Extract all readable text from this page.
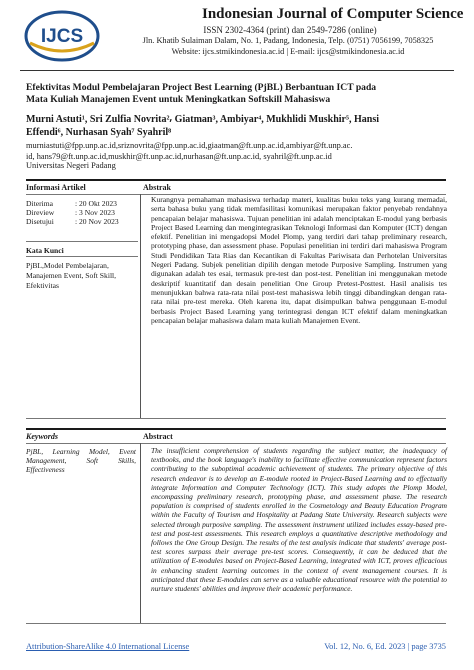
IJCS
Indonesian Journal of Computer Science
ISSN 2302-4364 (print) dan 2549-7286 (online)
Jln. Khatib Sulaiman Dalam, No. 1, Padang, Indonesia, Telp. (0751) 7056199, 7058325
Website: ijcs.stmikindonesia.ac.id | E-mail: ijcs@stmikindonesia.ac.id
Efektivitas Modul Pembelajaran Project Best Learning (PjBL) Berbantuan ICT pada
Mata Kuliah Manajemen Event untuk Meningkatkan Softskill Mahasiswa
Murni Astuti¹, Sri Zulfia Novrita²⸴ Giatman³, Ambiyar⁴, Mukhlidi Muskhir⁵, Hansi
Effendi⁶, Nurhasan Syah⁷ Syahril⁸
murniastuti@fpp.unp.ac.id,sriznovrita@fpp.unp.ac.id,giaatman@ft.unp.ac.id,ambiyar@ft.unp.ac.
id, hans79@ft.unp.ac.id,muskhir@ft.unp.ac.id,nurhasan@ft.unp.ac.id, syahril@ft.unp.ac.id
Universitas Negeri Padang
Informasi Artikel	Abstrak
Diterima	: 20 Okt 2023
Direview	: 3 Nov 2023
Disetujui	: 20 Nov 2023
Kata Kunci
PjBL,Model Pembelajaran, Manajemen Event, Soft Skill, Efektivitas
Kurangnya pemahaman mahasiswa terhadap materi, kualitas buku teks yang kurang memadai, serta bahasa buku yang tidak memfasilitasi komunikasi merupakan faktor penyebab rendahnya pencapaian belajar mahasiswa. Tujuan penelitian ini adalah menciptakan E-modul yang berbasis Project Based Learning dan mengintegrasikan Teknologi Informasi dan Komputer (ICT) dengan efektif. Penelitian ini mengadopsi Model Plomp, yang terdiri dari tahap preliminary research, prototyping phase, dan assessment phase. Populasi penelitian ini terdiri dari mahasiswa Program Studi Pendidikan Tata Rias dan Kecantikan di Fakultas Pariwisata dan Perhotelan Universitas Negeri Padang. Subjek penelitian dipilih dengan metode Purposive Sampling. Instrumen yang digunakan adalah tes esai, termasuk pre-test dan post-test. Penelitian ini menggunakan metode deskriptif kuantitatif dan desain penelitian One Group Pretest-Posttest. Hasil analisis tes menunjukkan bahwa rata-rata nilai post-test mahasiswa lebih tinggi dibandingkan dengan rata-rata nilai pre-test mereka. Oleh karena itu, dapat disimpulkan bahwa penggunaan E-modul berbasis Project Based Learning yang terintegrasi dengan ICT efektif dalam meningkatkan pencapaian belajar mahasiswa dalam mata kuliah Manajemen Event.
Keywords	Abstract
PjBL, Learning Model, Event Management, Soft Skills, Effectiveness
The insufficient comprehension of students regarding the subject matter, the inadequacy of textbooks, and the book language's inability to facilitate effective communication represent factors contributing to the suboptimal academic achievement of students. The primary objective of this research endeavor is to develop an E-module rooted in Project-Based Learning and to effectually integrate Information and Computer Technology (ICT). This study adopts the Plomp Model, encompassing preliminary research, prototyping phase, and assessment phase. The research population is comprised of students enrolled in the Cosmetology and Beauty Education Program within the Faculty of Tourism and Hospitality at Padang State University. Research subjects were selected through purposive sampling. The assessment instrument utilized includes essay-based pre-test and post-test assessments. This research employs a quantitative descriptive methodology and follows the One Group Design. The results of the test analysis indicate that students' average post-test scores surpass their average pre-test scores. Consequently, it can be deduced that the utilization of E-modules based on Project-Based Learning, integrated with ICT, proves efficacious in enhancing student learning outcomes in the context of event management courses. It is anticipated that these E-modules can serve as a valuable educational resource with the potential to nurture students' abilities and improve their academic performance.
Attribution-ShareAlike 4.0 International License	Vol. 12, No. 6, Ed. 2023 | page 3735
